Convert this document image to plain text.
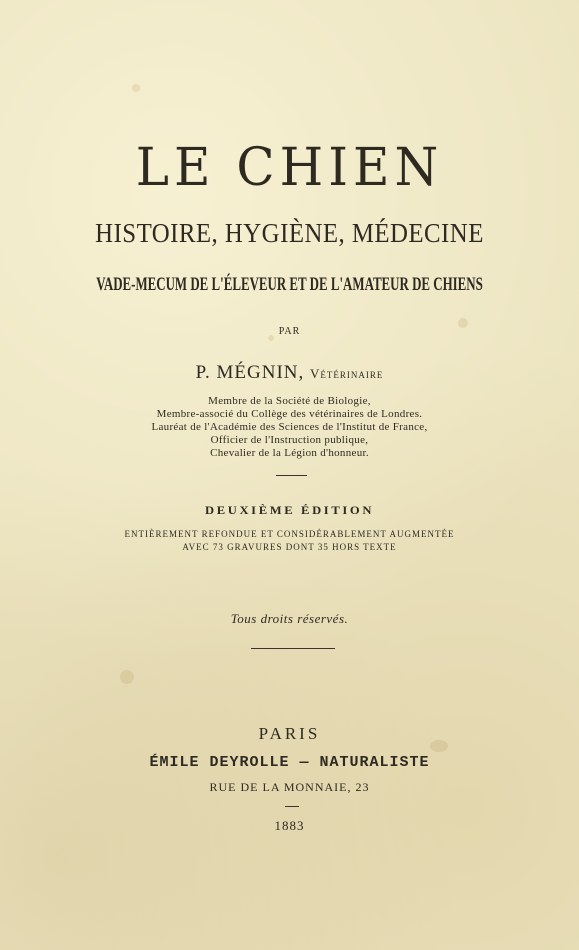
LE CHIEN
HISTOIRE, HYGIÈNE, MÉDECINE
VADE-MECUM DE L'ÉLEVEUR ET DE L'AMATEUR DE CHIENS
PAR
P. MÉGNIN, Vétérinaire
Membre de la Société de Biologie,
Membre-associé du Collège des vétérinaires de Londres.
Lauréat de l'Académie des Sciences de l'Institut de France,
Officier de l'Instruction publique,
Chevalier de la Légion d'honneur.
DEUXIÈME ÉDITION
ENTIÈREMENT REFONDUE ET CONSIDÉRABLEMENT AUGMENTÉE
AVEC 73 GRAVURES DONT 35 HORS TEXTE
Tous droits réservés.
PARIS
ÉMILE DEYROLLE — NATURALISTE
RUE DE LA MONNAIE, 23
1883
